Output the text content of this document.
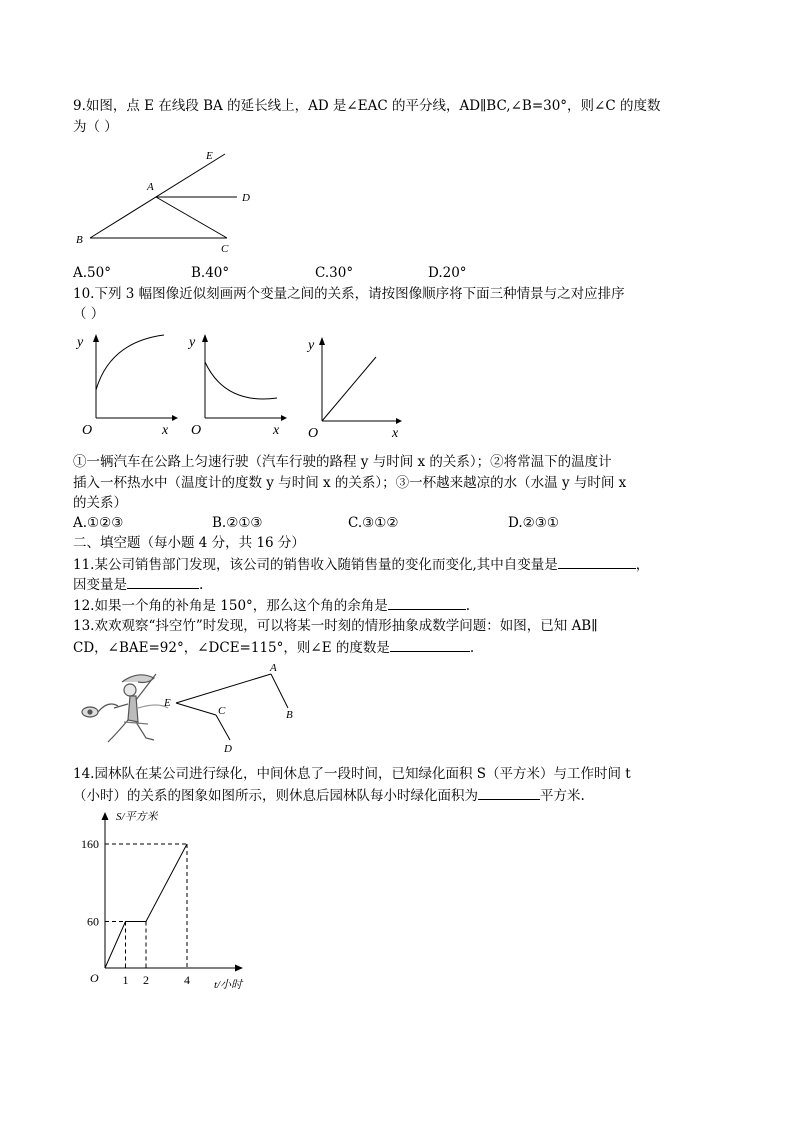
9.如图，点 E 在线段 BA 的延长线上，AD 是∠EAC 的平分线，AD∥BC,∠B=30°，则∠C 的度数
为（ ）
E
A
D
B
C
A.50°	B.40°	C.30°	D.20°
10.下列 3 幅图像近似刻画两个变量之间的关系，请按图像顺序将下面三种情景与之对应排序
（ ）
y
x
O
y
x
O
y
x
O
①一辆汽车在公路上匀速行驶（汽车行驶的路程 y 与时间 x 的关系）；②将常温下的温度计
插入一杯热水中（温度计的度数 y 与时间 x 的关系）；③一杯越来越凉的水（水温 y 与时间 x
的关系）
A.①②③	B.②①③	C.③①②	D.②③①
二、填空题（每小题 4 分，共 16 分）
11.某公司销售部门发现，该公司的销售收入随销售量的变化而变化,其中自变量是	，
因变量是	.
12.如果一个角的补角是 150°，那么这个角的余角是	.
13.欢欢观察“抖空竹”时发现，可以将某一时刻的情形抽象成数学问题：如图，已知 AB∥
CD，∠BAE=92°，∠DCE=115°，则∠E 的度数是	.
E
A
B
C
D
14.园林队在某公司进行绿化，中间休息了一段时间，已知绿化面积 S（平方米）与工作时间 t
（小时）的关系的图象如图所示，则休息后园林队每小时绿化面积为	平方米.
S/平方米
t/小时
O
160
60
1 2	4
